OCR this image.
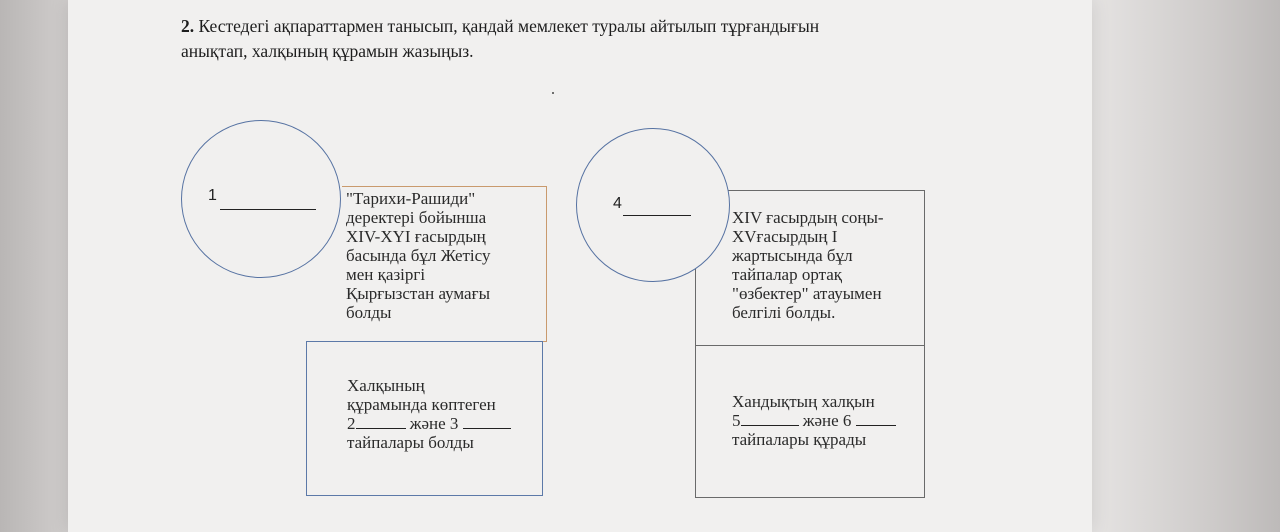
2. Кестедегі ақпараттармен танысып, қандай мемлекет туралы айтылып тұрғандығын
анықтап, халқының құрамын жазыңыз.
"Тарихи-Рашиди"
деректері бойынша
XIV-XYI ғасырдың
басында бұл Жетісу
мен қазіргі
Қырғызстан аумағы
болды
Халқының
құрамында көптеген
2	және 3
тайпалары болды
1
XIV ғасырдың соңы-
XVғасырдың I
жартысында бұл
тайпалар ортақ
"өзбектер" атауымен
белгілі болды.
Хандықтың халқын
5	және 6
тайпалары құрады
4
